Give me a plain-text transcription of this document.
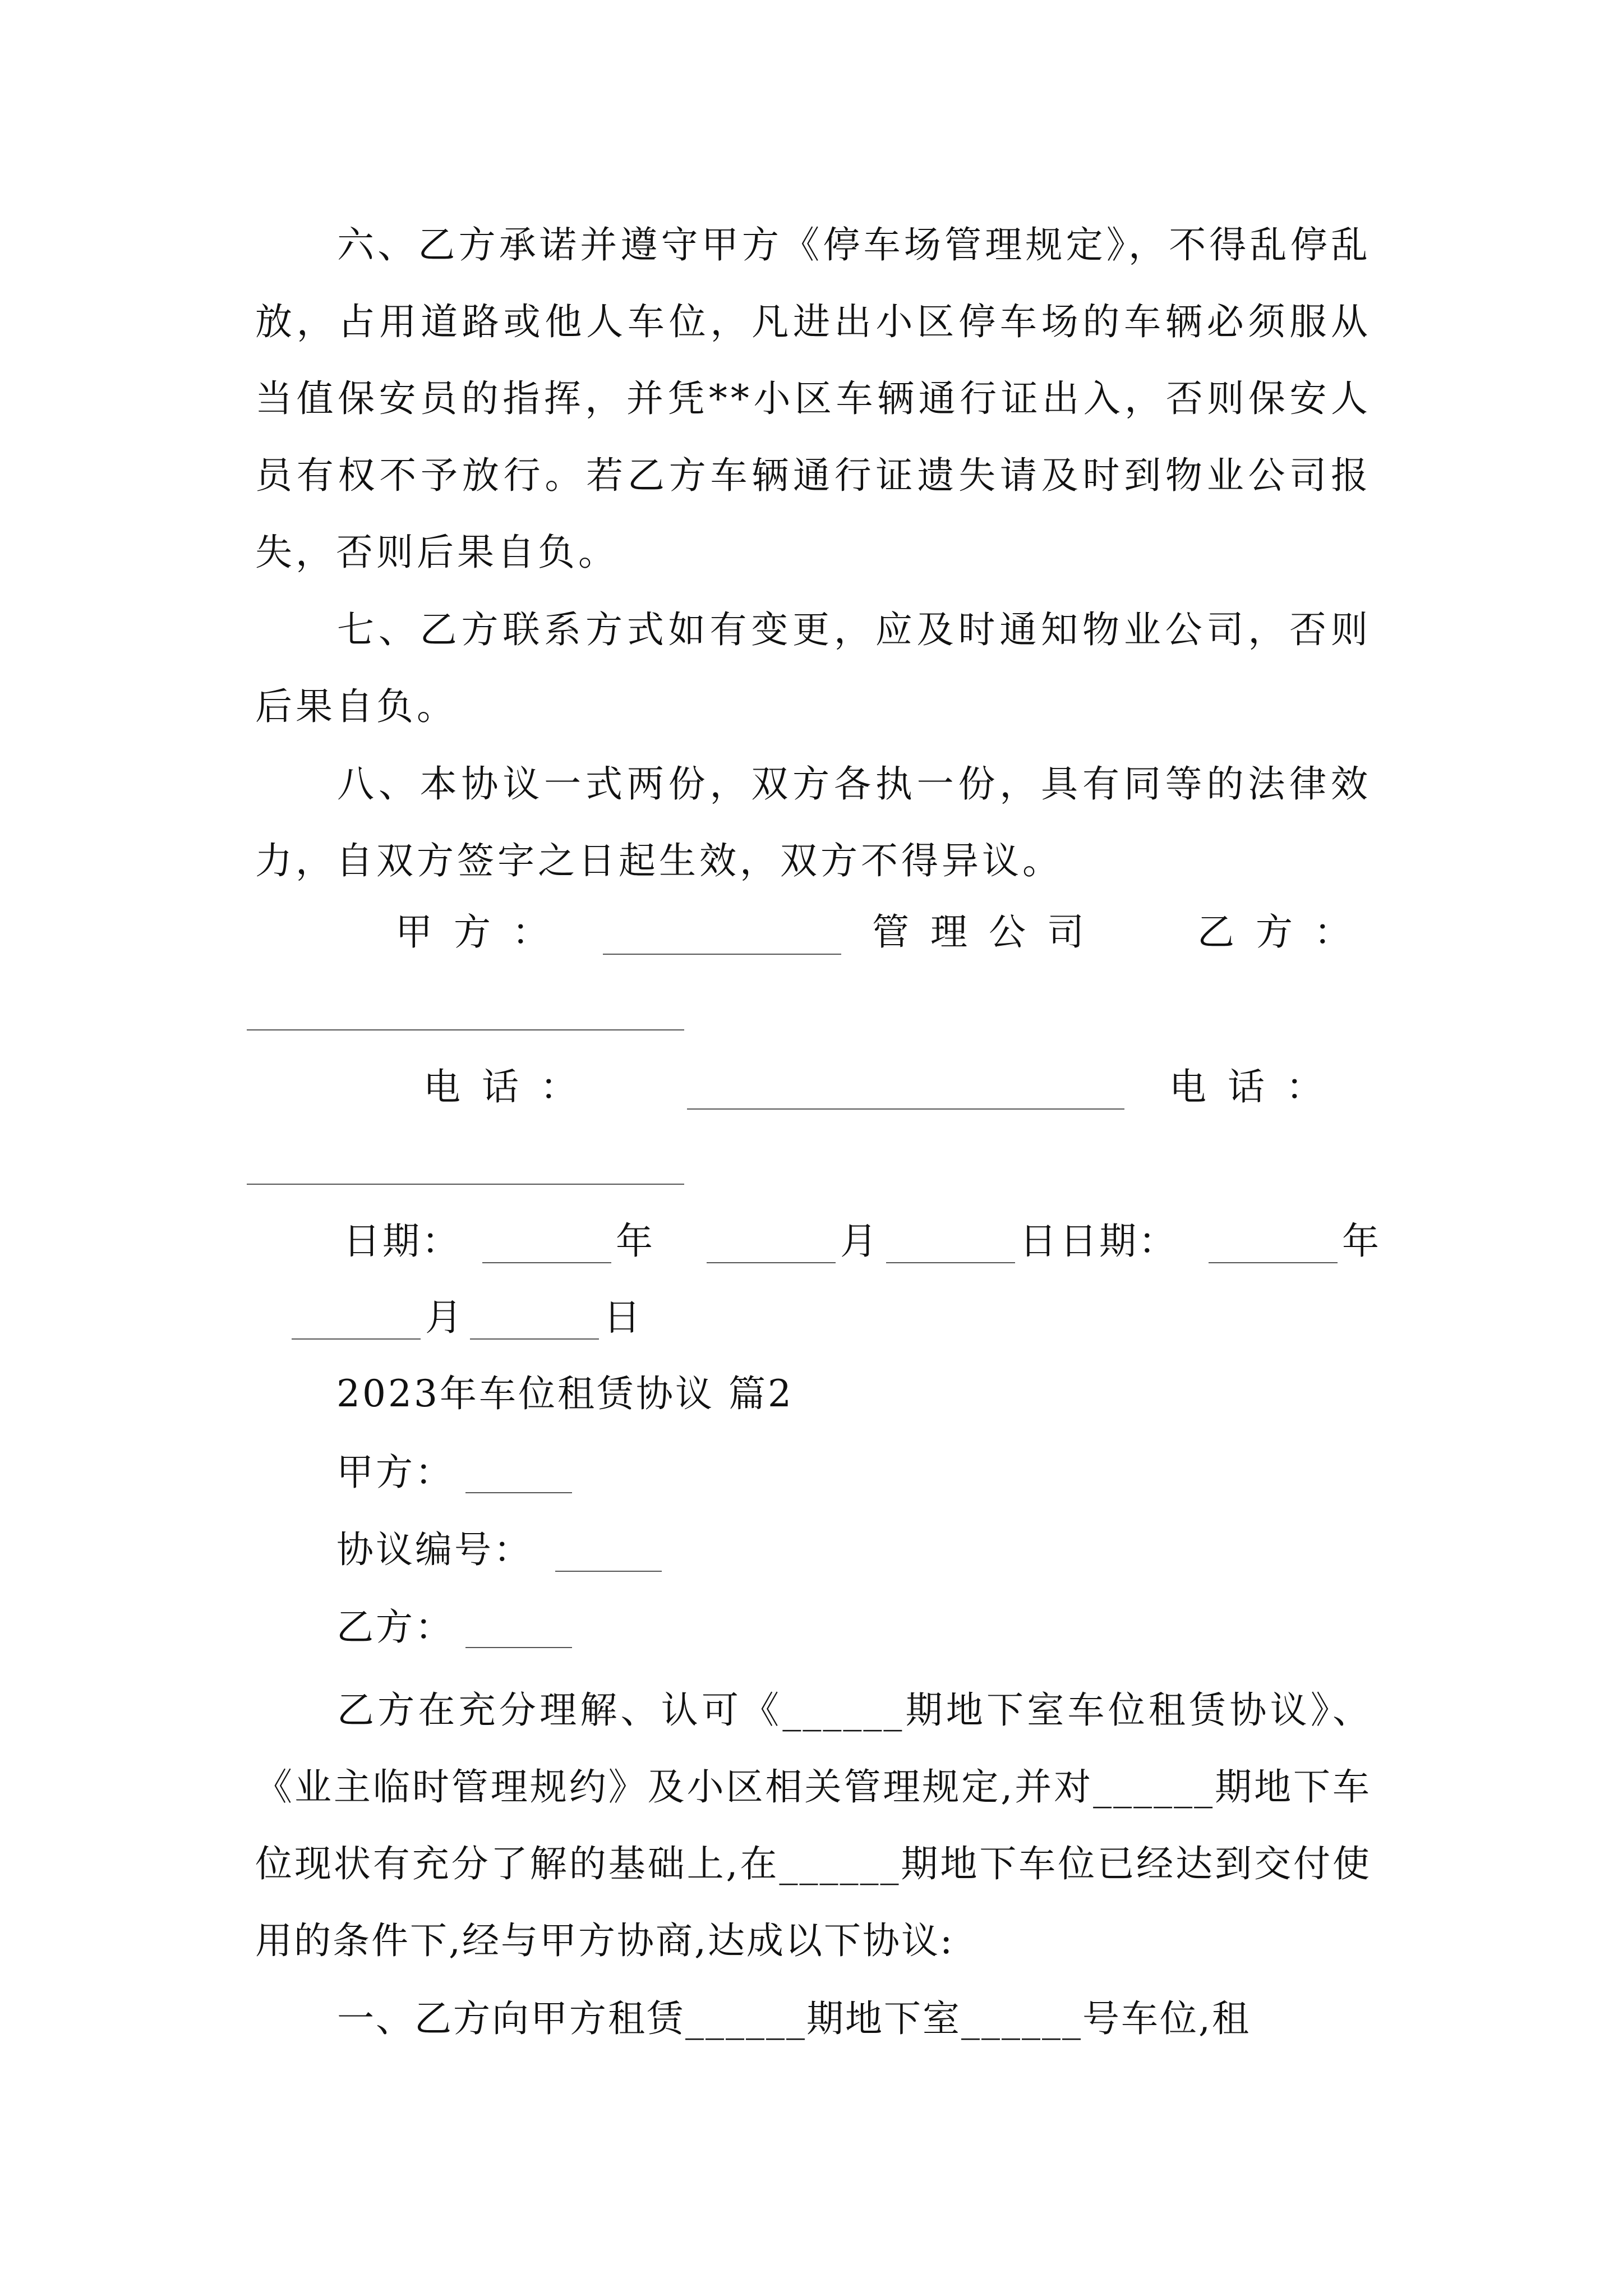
六、乙方承诺并遵守甲方《停车场管理规定》，不得乱停乱放，占用道路或他人车位，凡进出小区停车场的车辆必须服从当值保安员的指挥，并凭**小区车辆通行证出入，否则保安人员有权不予放行。若乙方车辆通行证遗失请及时到物业公司报失，否则后果自负。

七、乙方联系方式如有变更，应及时通知物业公司，否则后果自负。

八、本协议一式两份，双方各执一份，具有同等的法律效力，自双方签字之日起生效，双方不得异议。

甲方：	管理公司 乙方：
电话：	电话：
日期：	年	月	日 日期：	年
月	日
2023年车位租赁协议 篇2
甲方：
协议编号：
乙方：

乙方在充分理解、认可《______期地下室车位租赁协议》、《业主临时管理规约》及小区相关管理规定,并对______期地下车位现状有充分了解的基础上,在______期地下车位已经达到交付使用的条件下,经与甲方协商,达成以下协议:

一、乙方向甲方租赁______期地下室______号车位,租
